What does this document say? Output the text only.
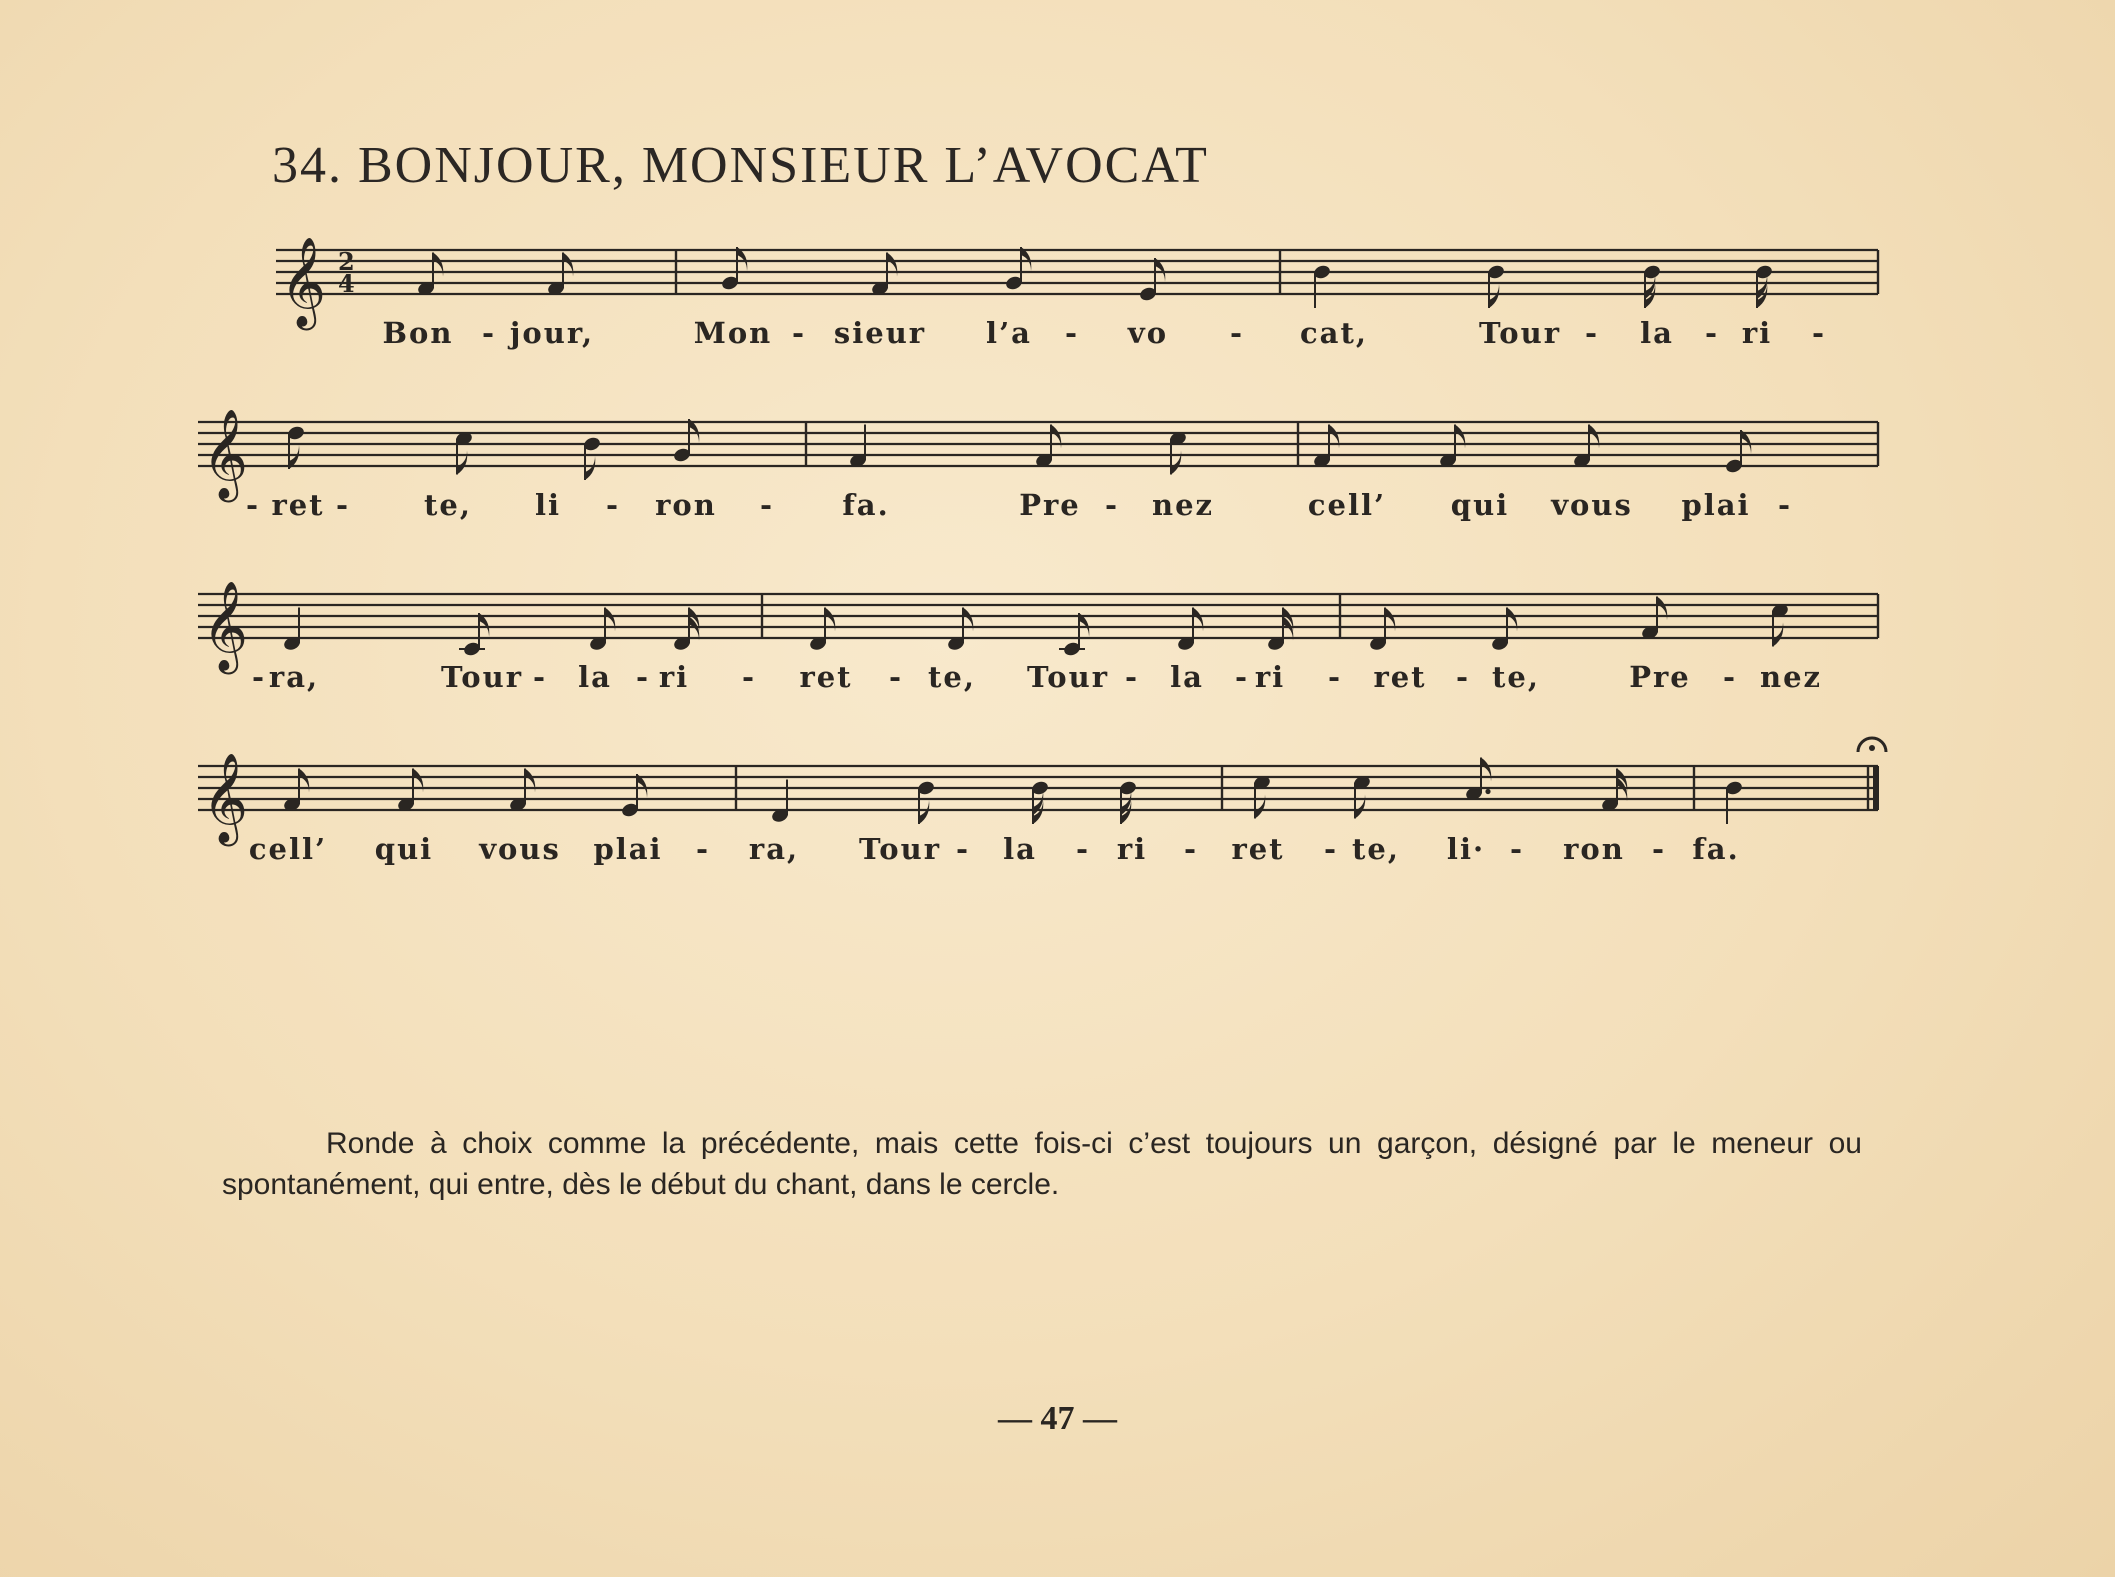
34. BONJOUR, MONSIEUR L’AVOCAT
𝄞 2
4
Bon - jour,	Mon - sieur l’a - vo - cat,	Tour - la - ri -
𝄞
- ret -	te, li - ron - fa.	Pre - nez	cell’ qui vous plai -
𝄞
- ra,	Tour - la - ri - ret - te, Tour - la - ri - ret - te,	Pre - nez
𝄞
cell’ qui vous plai - ra, Tour - la - ri - ret - te, li· - ron - fa.

Ronde à choix comme la précédente, mais cette fois-ci c’est toujours un garçon, désigné par le meneur ou spontanément, qui entre, dès le début du chant, dans le cercle.

— 47 —
